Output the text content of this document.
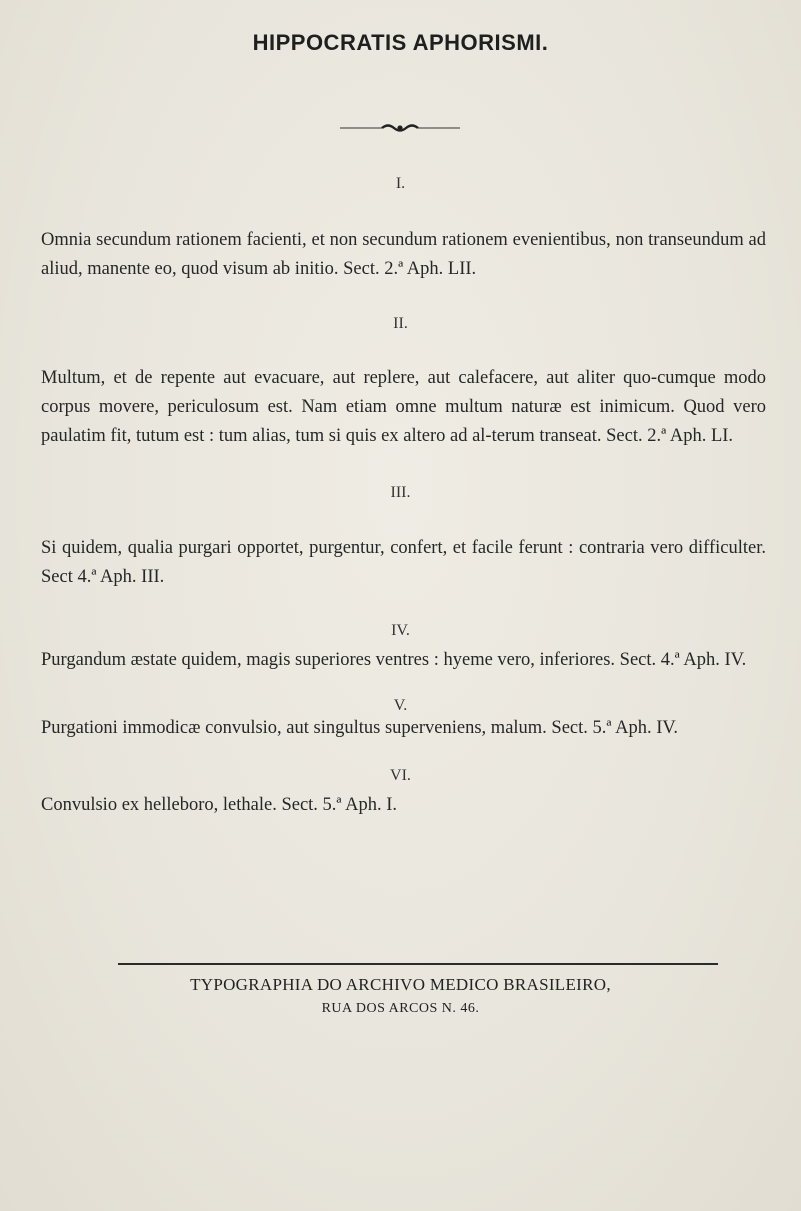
HIPPOCRATIS APHORISMI.
I.
Omnia secundum rationem facienti, et non secundum rationem evenientibus, non transeundum ad aliud, manente eo, quod visum ab initio. Sect. 2.ª Aph. LII.
II.
Multum, et de repente aut evacuare, aut replere, aut calefacere, aut aliter quo-cumque modo corpus movere, periculosum est. Nam etiam omne multum naturæ est inimicum. Quod vero paulatim fit, tutum est : tum alias, tum si quis ex altero ad al-terum transeat. Sect. 2.ª Aph. LI.
III.
Si quidem, qualia purgari opportet, purgentur, confert, et facile ferunt : contraria vero difficulter. Sect 4.ª Aph. III.
IV.
Purgandum æstate quidem, magis superiores ventres : hyeme vero, inferiores. Sect. 4.ª Aph. IV.
V.
Purgationi immodicæ convulsio, aut singultus superveniens, malum. Sect. 5.ª Aph. IV.
VI.
Convulsio ex helleboro, lethale. Sect. 5.ª Aph. I.
TYPOGRAPHIA DO ARCHIVO MEDICO BRASILEIRO,
RUA DOS ARCOS N. 46.
